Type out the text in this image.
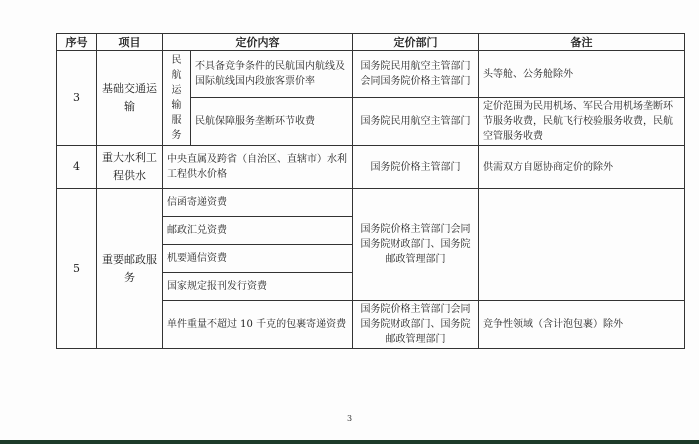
序号	项目	定价内容		定价部门	备注
3	基础交通运输	民航运输服务	不具备竞争条件的民航国内航线及国际航线国内段旅客票价率	国务院民用航空主管部门会同国务院价格主管部门	头等舱、公务舱除外
			民航保障服务垄断环节收费	国务院民用航空主管部门	定价范围为民用机场、军民合用机场垄断环节服务收费，民航飞行校验服务收费，民航空管服务收费
4	重大水利工程供水	中央直属及跨省（自治区、直辖市）水利工程供水价格		国务院价格主管部门	供需双方自愿协商定价的除外
5	重要邮政服务	信函寄递资费		国务院价格主管部门会同国务院财政部门、国务院邮政管理部门	
		邮政汇兑资费			
		机要通信资费			
		国家规定报刊发行资费			
		单件重量不超过 10 千克的包裹寄递资费		国务院价格主管部门会同国务院财政部门、国务院邮政管理部门	竞争性领域（含计泡包裹）除外
3
